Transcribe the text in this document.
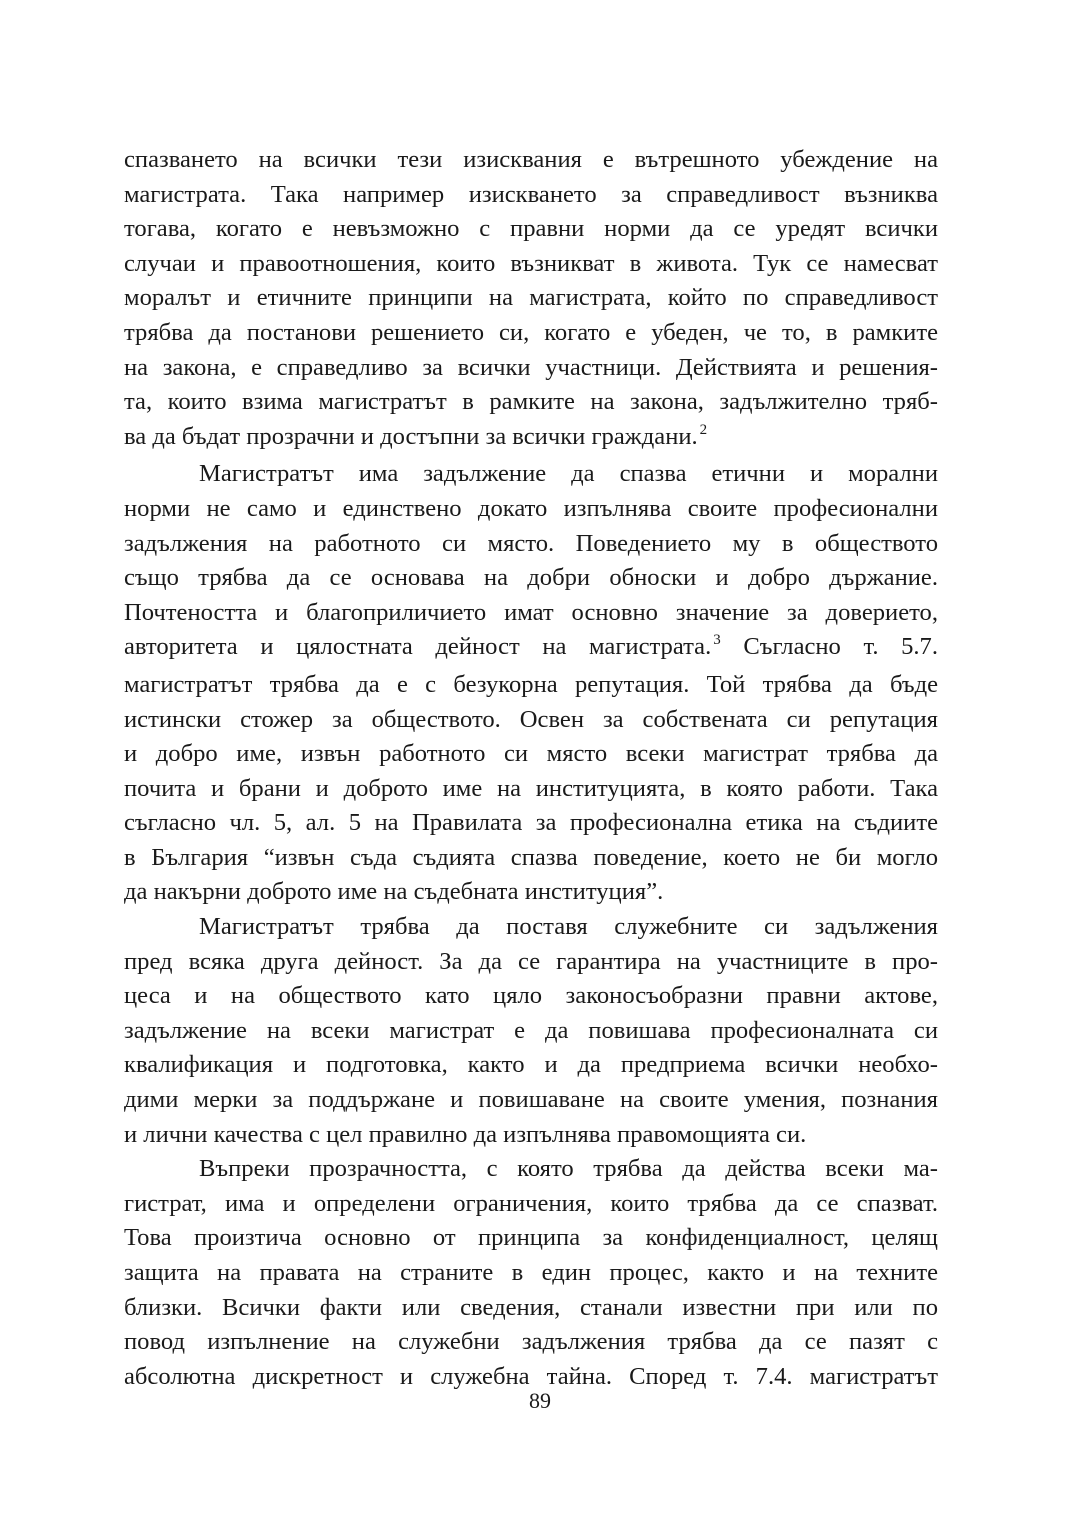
спазването на всички тези изисквания е вътрешното убеждение на
магистрата. Така например изискването за справедливост възниква
тогава, когато е невъзможно с правни норми да се уредят всички
случаи и правоотношения, които възникват в живота. Тук се намесват
моралът и етичните принципи на магистрата, който по справедливост
трябва да постанови решението си, когато е убеден, че то, в рамките
на закона, е справедливо за всички участници. Действията и решения-
та, които взима магистратът в рамките на закона, задължително тряб-
ва да бъдат прозрачни и достъпни за всички граждани. $^2$
Магистратът има задължение да спазва етични и морални
норми не само и единствено докато изпълнява своите професионални
задължения на работното си място. Поведението му в обществото
също трябва да се основава на добри обноски и добро държание.
Почтеността и благоприличието имат основно значение за доверието,
авторитета и цялостната дейност на магистрата. $^3$ Съгласно т. 5.7.
магистратът трябва да е с безукорна репутация. Той трябва да бъде
истински стожер за обществото. Освен за собствената си репутация
и добро име, извън работното си място всеки магистрат трябва да
почита и брани и доброто име на институцията, в която работи. Така
съгласно чл. 5, ал. 5 на Правилата за професионална етика на съдиите
в България “извън съда съдията спазва поведение, което не би могло
да накърни доброто име на съдебната институция”.
Магистратът трябва да поставя служебните си задължения
пред всяка друга дейност. За да се гарантира на участниците в про-
цеса и на обществото като цяло законосъобразни правни актове,
задължение на всеки магистрат е да повишава професионалната си
квалификация и подготовка, както и да предприема всички необхо-
дими мерки за поддържане и повишаване на своите умения, познания
и лични качества с цел правилно да изпълнява правомощията си.
Въпреки прозрачността, с която трябва да действа всеки ма-
гистрат, има и определени ограничения, които трябва да се спазват.
Това произтича основно от принципа за конфиденциалност, целящ
защита на правата на страните в един процес, както и на техните
близки. Всички факти или сведения, станали известни при или по
повод изпълнение на служебни задължения трябва да се пазят с
абсолютна дискретност и служебна тайна. Според т. 7.4. магистратът
89
